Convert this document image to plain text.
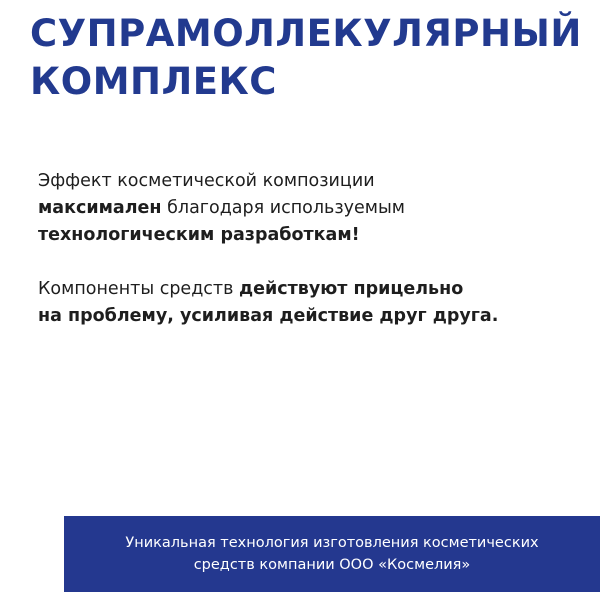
СУПРАМОЛЛЕКУЛЯРНЫЙ
КОМПЛЕКС

Эффект косметической композиции
максимален благодаря используемым
технологическим разработкам!

Компоненты средств действуют прицельно
на проблему, усиливая действие друг друга.

Уникальная технология изготовления косметических
средств компании ООО «Космелия»
